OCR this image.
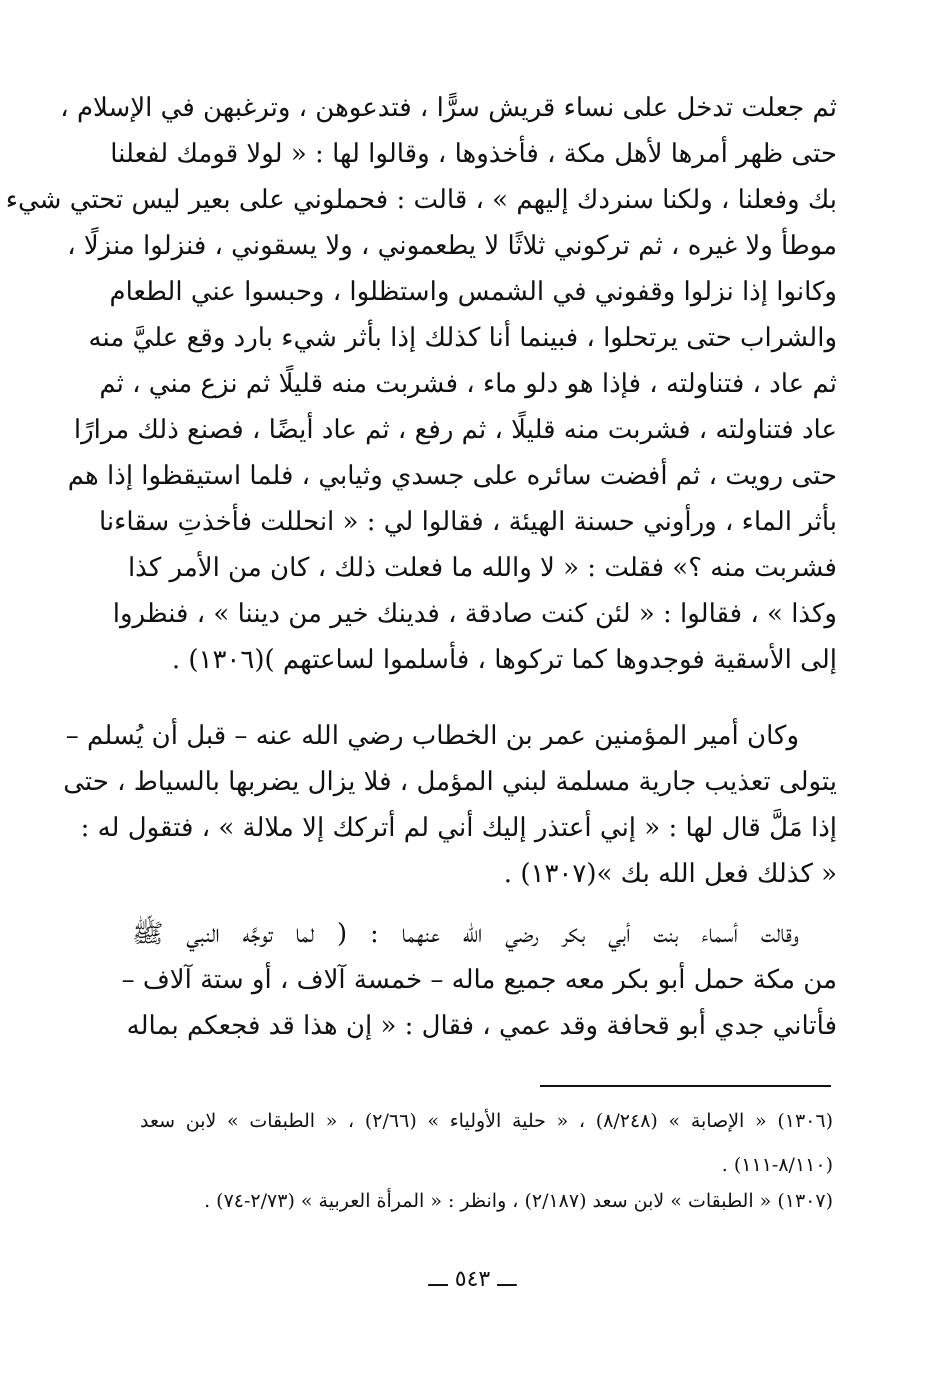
ثم جعلت تدخل على نساء قريش سرًّا ، فتدعوهن ، وترغبهن في الإسلام ،
حتى ظهر أمرها لأهل مكة ، فأخذوها ، وقالوا لها : « لولا قومك لفعلنا
بك وفعلنا ، ولكنا سنردك إليهم » ، قالت : فحملوني على بعير ليس تحتي شيء
موطأ ولا غيره ، ثم تركوني ثلاثًا لا يطعموني ، ولا يسقوني ، فنزلوا منزلًا ،
وكانوا إذا نزلوا وقفوني في الشمس واستظلوا ، وحبسوا عني الطعام
والشراب حتى يرتحلوا ، فبينما أنا كذلك إذا بأثر شيء بارد وقع عليَّ منه
ثم عاد ، فتناولته ، فإذا هو دلو ماء ، فشربت منه قليلًا ثم نزع مني ، ثم
عاد فتناولته ، فشربت منه قليلًا ، ثم رفع ، ثم عاد أيضًا ، فصنع ذلك مرارًا
حتى رويت ، ثم أفضت سائره على جسدي وثيابي ، فلما استيقظوا إذا هم
بأثر الماء ، ورأوني حسنة الهيئة ، فقالوا لي : « انحللت فأخذتِ سقاءنا
فشربت منه ؟» فقلت : « لا والله ما فعلت ذلك ، كان من الأمر كذا
وكذا » ، فقالوا : « لئن كنت صادقة ، فدينك خير من ديننا » ، فنظروا
إلى الأسقية فوجدوها كما تركوها ، فأسلموا لساعتهم )(١٣٠٦) .
وكان أمير المؤمنين عمر بن الخطاب رضي الله عنه – قبل أن يُسلم –
يتولى تعذيب جارية مسلمة لبني المؤمل ، فلا يزال يضربها بالسياط ، حتى
إذا مَلَّ قال لها : « إني أعتذر إليك أني لم أتركك إلا ملالة » ، فتقول له :
« كذلك فعل الله بك »(١٣٠٧) .
وقالت أسماء بنت أبي بكر رضي الله عنهما : ( لما توجَّه النبي ﷺ
من مكة حمل أبو بكر معه جميع ماله – خمسة آلاف ، أو ستة آلاف –
فأتاني جدي أبو قحافة وقد عمي ، فقال : « إن هذا قد فجعكم بماله
(١٣٠٦) « الإصابة » (٨/٢٤٨) ، « حلية الأولياء » (٢/٦٦) ، « الطبقات » لابن سعد
(٨/١١٠-١١١) .
(١٣٠٧) « الطبقات » لابن سعد (٢/١٨٧) ، وانظر : « المرأة العربية » (٢/٧٣-٧٤) .
ـــ ٥٤٣ ـــ
